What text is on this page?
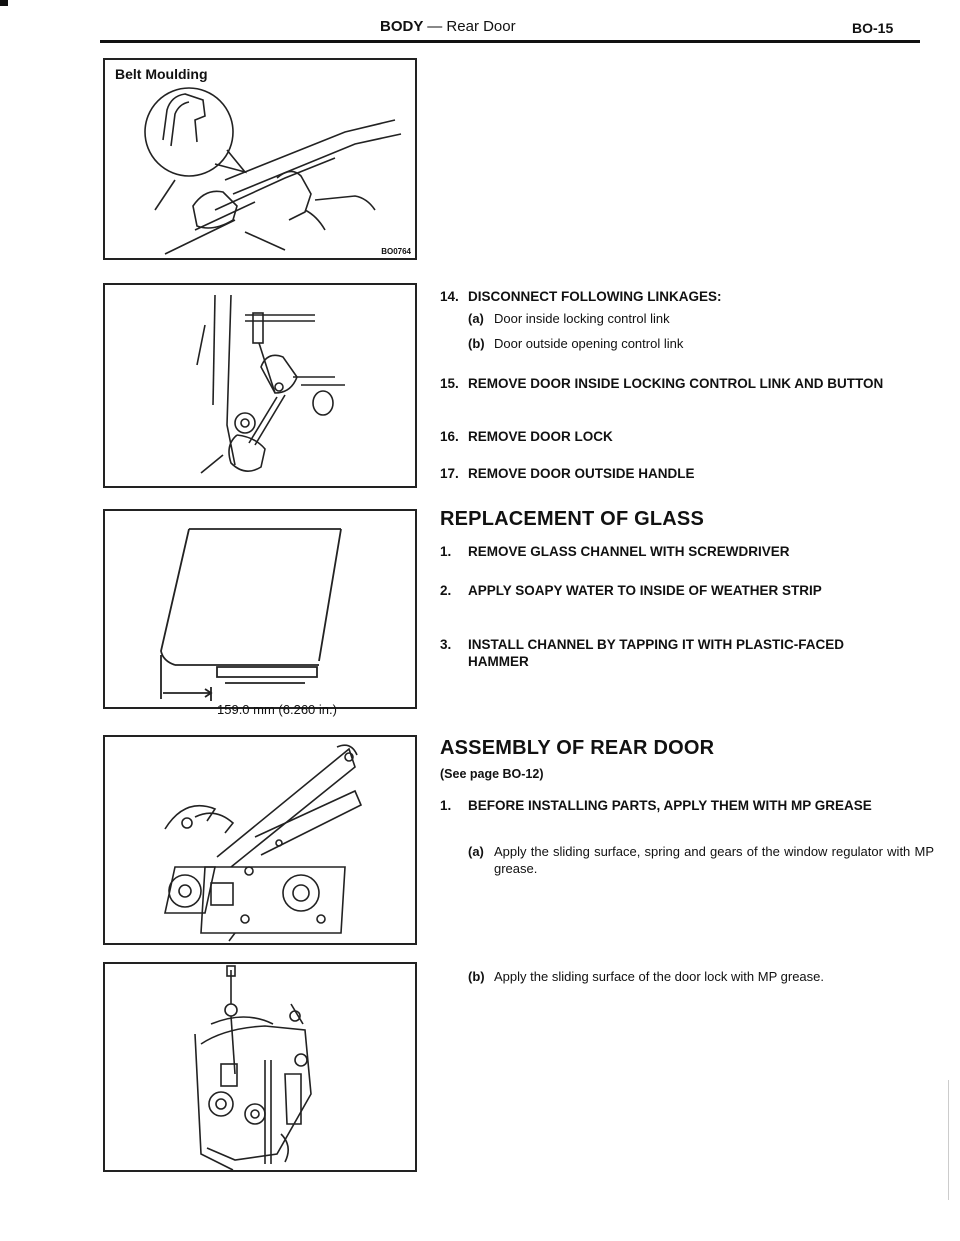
BODY — Rear Door	BO-15
Belt Moulding
BO0764
159.0 mm (6.260 in.)
14. DISCONNECT FOLLOWING LINKAGES:
(a) Door inside locking control link
(b) Door outside opening control link
15. REMOVE DOOR INSIDE LOCKING CONTROL LINK AND BUTTON
16. REMOVE DOOR LOCK
17. REMOVE DOOR OUTSIDE HANDLE
REPLACEMENT OF GLASS
1. REMOVE GLASS CHANNEL WITH SCREWDRIVER
2. APPLY SOAPY WATER TO INSIDE OF WEATHER STRIP
3. INSTALL CHANNEL BY TAPPING IT WITH PLASTIC-FACED HAMMER
ASSEMBLY OF REAR DOOR
(See page BO-12)
1. BEFORE INSTALLING PARTS, APPLY THEM WITH MP GREASE
(a) Apply the sliding surface, spring and gears of the window regulator with MP grease.
(b) Apply the sliding surface of the door lock with MP grease.
